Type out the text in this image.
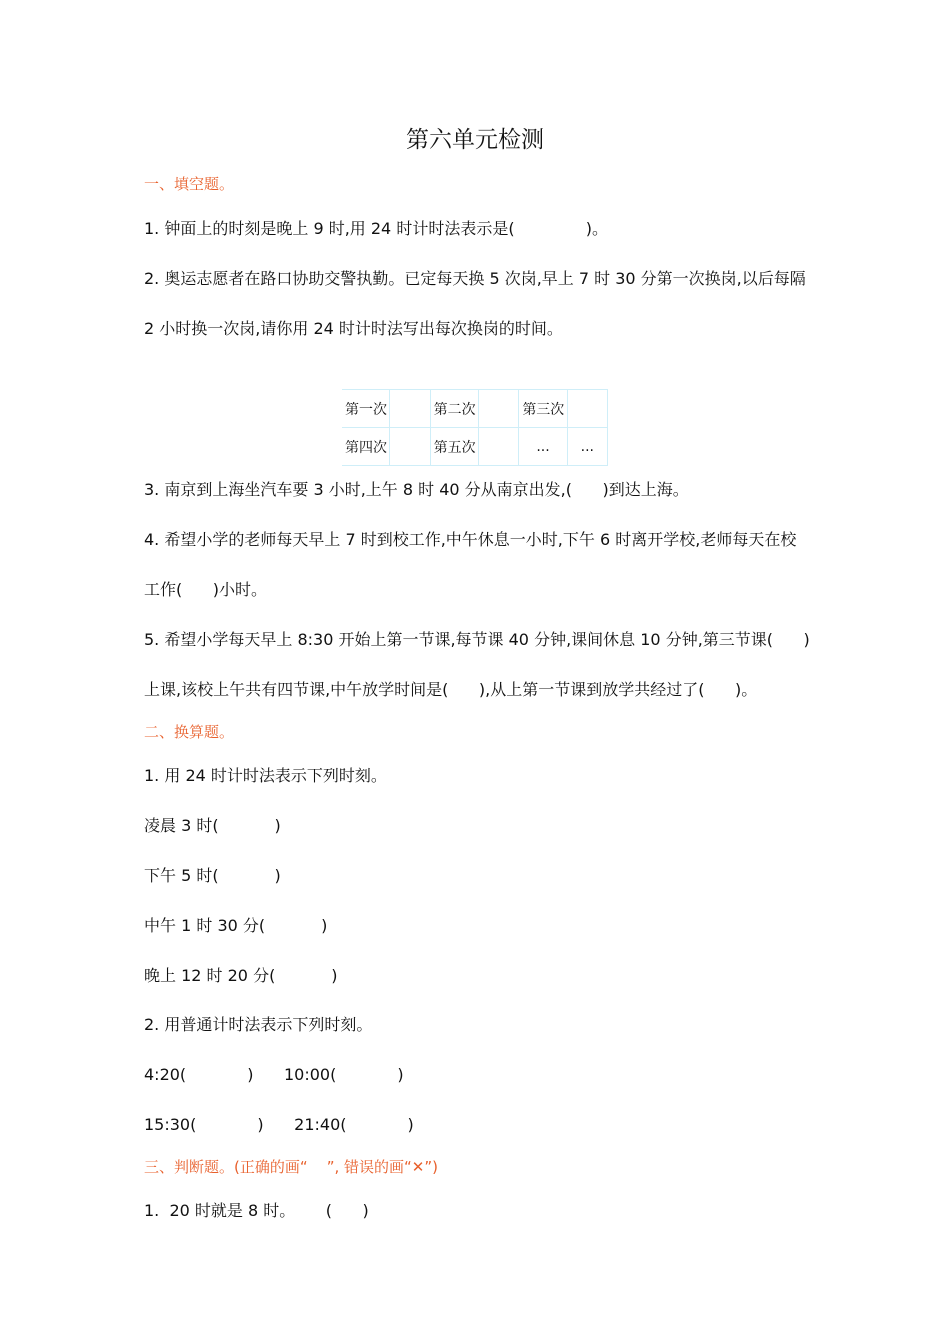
第六单元检测
一、填空题。
1. 钟面上的时刻是晚上 9 时,用 24 时计时法表示是(              )。
2. 奥运志愿者在路口协助交警执勤。已定每天换 5 次岗,早上 7 时 30 分第一次换岗,以后每隔
2 小时换一次岗,请你用 24 时计时法写出每次换岗的时间。
第一次		第二次		第三次	
第四次		第五次		...	...
3. 南京到上海坐汽车要 3 小时,上午 8 时 40 分从南京出发,(      )到达上海。
4. 希望小学的老师每天早上 7 时到校工作,中午休息一小时,下午 6 时离开学校,老师每天在校
工作(      )小时。
5. 希望小学每天早上 8:30 开始上第一节课,每节课 40 分钟,课间休息 10 分钟,第三节课(      )
上课,该校上午共有四节课,中午放学时间是(      ),从上第一节课到放学共经过了(      )。
二、换算题。
1. 用 24 时计时法表示下列时刻。
凌晨 3 时(           )
下午 5 时(           )
中午 1 时 30 分(           )
晚上 12 时 20 分(           )
2. 用普通计时法表示下列时刻。
4:20(            )      10:00(            )
15:30(            )      21:40(            )
三、判断题。(正确的画“    ”, 错误的画“✕”)
1.  20 时就是 8 时。      (      )
